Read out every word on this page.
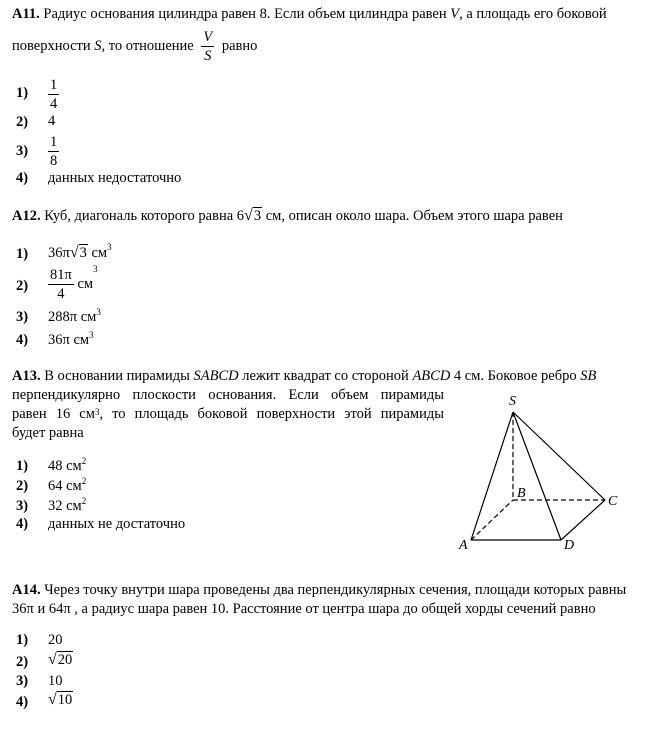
А11. Радиус основания цилиндра равен 8. Если объем цилиндра равен V, а площадь его боковой
поверхности S, то отношение $\frac{V}{S}$ равно
$1) \frac{1}{4}$
2) 4
$3) \frac{1}{8}$
4) данных недостаточно
А12. Куб, диагональ которого равна 6√3 см, описан около шара. Объем этого шара равен
1) 36π√3 $см^3$
$2) \frac{81\pi}{4} см^3$
3) 288π $см^3$
4) 36π $см^3$
А13. В основании пирамиды SABCD лежит квадрат со стороной ABCD 4 см. Боковое ребро SB
перпендикулярно плоскости основания. Если объем пирамиды
равен 16 $см^3$, то площадь боковой поверхности этой пирамиды
будет равна
1) 48 $см^2$
2) 64 $см^2$
3) 32 $см^2$
4) данных не достаточно
S
A
B
C
D
А14. Через точку внутри шара проведены два перпендикулярных сечения, площади которых равны
36π и 64π , а радиус шара равен 10. Расстояние от центра шара до общей хорды сечений равно
1) 20
2) √20
3) 10
4) √10
